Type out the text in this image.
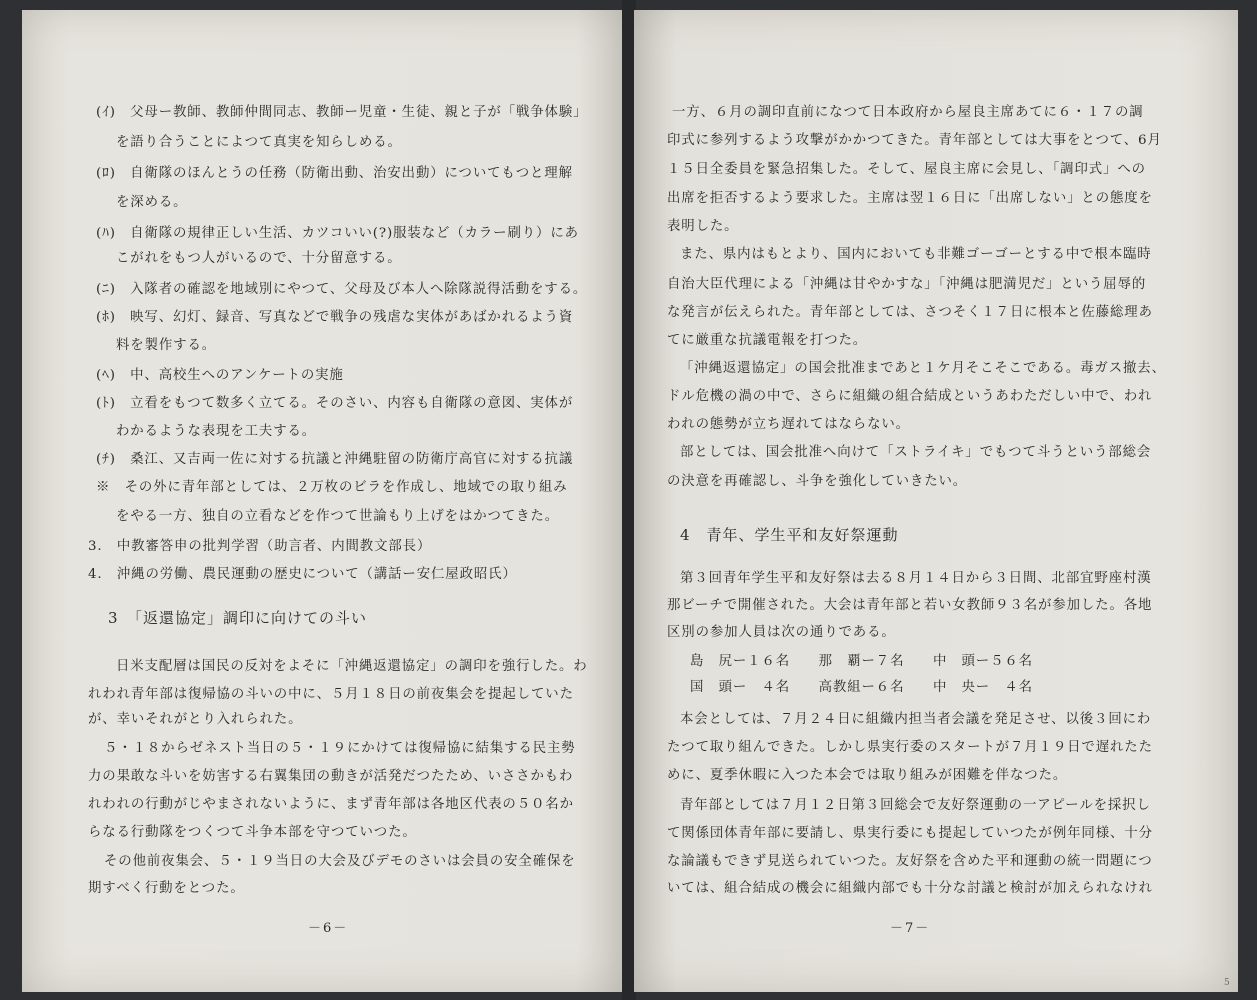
(ｲ)　父母ー教師、教師仲間同志、教師ー児童・生徒、親と子が「戦争体験」
を語り合うことによつて真実を知らしめる。
(ﾛ)　自衛隊のほんとうの任務（防衛出動、治安出動）についてもつと理解
を深める。
(ﾊ)　自衛隊の規律正しい生活、カツコいい(?)服装など（カラー刷り）にあ
こがれをもつ人がいるので、十分留意する。
(ﾆ)　入隊者の確認を地域別にやつて、父母及び本人へ除隊説得活動をする。
(ﾎ)　映写、幻灯、録音、写真などで戦争の残虐な実体があばかれるよう資
料を製作する。
(ﾍ)　中、高校生へのアンケートの実施
(ﾄ)　立看をもつて数多く立てる。そのさい、内容も自衛隊の意図、実体が
わかるような表現を工夫する。
(ﾁ)　桑江、又吉両一佐に対する抗議と沖縄駐留の防衛庁高官に対する抗議
※　その外に青年部としては、２万枚のビラを作成し、地域での取り組み
をやる一方、独自の立看などを作つて世論もり上げをはかつてきた。
3.　中教審答申の批判学習（助言者、内間教文部長）
4.　沖縄の労働、農民運動の歴史について（講話ー安仁屋政昭氏）
3　「返還協定」調印に向けての斗い
日米支配層は国民の反対をよそに「沖縄返還協定」の調印を強行した。わ
れわれ青年部は復帰協の斗いの中に、５月１８日の前夜集会を提起していた
が、幸いそれがとり入れられた。
５・１８からゼネスト当日の５・１９にかけては復帰協に結集する民主勢
力の果敢な斗いを妨害する右翼集団の動きが活発だつたため、いささかもわ
れわれの行動がじやまされないように、まず青年部は各地区代表の５０名か
らなる行動隊をつくつて斗争本部を守つていつた。
その他前夜集会、５・１９当日の大会及びデモのさいは会員の安全確保を
期すべく行動をとつた。
一方、６月の調印直前になつて日本政府から屋良主席あてに６・１７の調
印式に参列するよう攻撃がかかつてきた。青年部としては大事をとつて、6月
１５日全委員を緊急招集した。そして、屋良主席に会見し、「調印式」への
出席を拒否するよう要求した。主席は翌１６日に「出席しない」との態度を
表明した。
また、県内はもとより、国内においても非難ゴーゴーとする中で根本臨時
自治大臣代理による「沖縄は甘やかすな」「沖縄は肥満児だ」という屈辱的
な発言が伝えられた。青年部としては、さつそく１７日に根本と佐藤総理あ
てに厳重な抗議電報を打つた。
「沖縄返還協定」の国会批准まであと１ケ月そこそこである。毒ガス撤去、
ドル危機の渦の中で、さらに組織の組合結成というあわただしい中で、われ
われの態勢が立ち遅れてはならない。
部としては、国会批准へ向けて「ストライキ」でもつて斗うという部総会
の決意を再確認し、斗争を強化していきたい。
4　青年、学生平和友好祭運動
第３回青年学生平和友好祭は去る８月１４日から３日間、北部宜野座村漢
那ビーチで開催された。大会は青年部と若い女教師９３名が参加した。各地
区別の参加人員は次の通りである。
島　尻ー１６名　　那　覇ー７名　　中　頭ー５６名
国　頭ー　４名　　高教組ー６名　　中　央ー　４名
本会としては、７月２４日に組織内担当者会議を発足させ、以後３回にわ
たつて取り組んできた。しかし県実行委のスタートが７月１９日で遅れたた
めに、夏季休暇に入つた本会では取り組みが困難を伴なつた。
青年部としては７月１２日第３回総会で友好祭運動の一アピールを採択し
て関係団体青年部に要請し、県実行委にも提起していつたが例年同様、十分
な論議もできず見送られていつた。友好祭を含めた平和運動の統一問題につ
いては、組合結成の機会に組織内部でも十分な討議と検討が加えられなけれ
－6－	－7－
5
